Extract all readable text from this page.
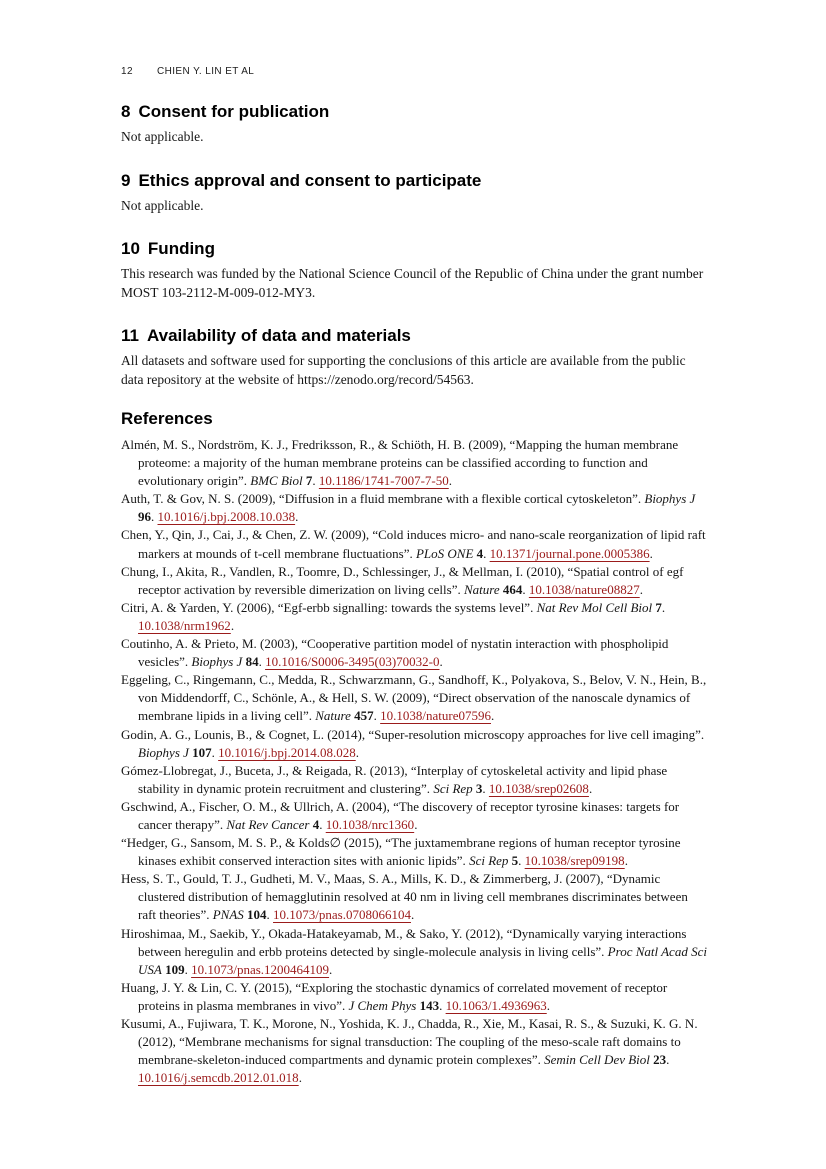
12	CHIEN Y. LIN ET AL
8 Consent for publication

Not applicable.

9 Ethics approval and consent to participate

Not applicable.

10 Funding

This research was funded by the National Science Council of the Republic of China under the grant number MOST 103-2112-M-009-012-MY3.

11 Availability of data and materials

All datasets and software used for supporting the conclusions of this article are available from the public data repository at the website of https://zenodo.org/record/54563.

References
Almén, M. S., Nordström, K. J., Fredriksson, R., & Schiöth, H. B. (2009), “Mapping the human membrane proteome: a majority of the human membrane proteins can be classified according to function and evolutionary origin”. BMC Biol 7. 10.1186/1741-7007-7-50.
Auth, T. & Gov, N. S. (2009), “Diffusion in a fluid membrane with a flexible cortical cytoskeleton”. Biophys J 96. 10.1016/j.bpj.2008.10.038.
Chen, Y., Qin, J., Cai, J., & Chen, Z. W. (2009), “Cold induces micro- and nano-scale reorganization of lipid raft markers at mounds of t-cell membrane fluctuations”. PLoS ONE 4. 10.1371/journal.pone.0005386.
Chung, I., Akita, R., Vandlen, R., Toomre, D., Schlessinger, J., & Mellman, I. (2010), “Spatial control of egf receptor activation by reversible dimerization on living cells”. Nature 464. 10.1038/nature08827.
Citri, A. & Yarden, Y. (2006), “Egf-erbb signalling: towards the systems level”. Nat Rev Mol Cell Biol 7. 10.1038/nrm1962.
Coutinho, A. & Prieto, M. (2003), “Cooperative partition model of nystatin interaction with phospholipid vesicles”. Biophys J 84. 10.1016/S0006-3495(03)70032-0.
Eggeling, C., Ringemann, C., Medda, R., Schwarzmann, G., Sandhoff, K., Polyakova, S., Belov, V. N., Hein, B., von Middendorff, C., Schönle, A., & Hell, S. W. (2009), “Direct observation of the nanoscale dynamics of membrane lipids in a living cell”. Nature 457. 10.1038/nature07596.
Godin, A. G., Lounis, B., & Cognet, L. (2014), “Super-resolution microscopy approaches for live cell imaging”. Biophys J 107. 10.1016/j.bpj.2014.08.028.
Gómez-Llobregat, J., Buceta, J., & Reigada, R. (2013), “Interplay of cytoskeletal activity and lipid phase stability in dynamic protein recruitment and clustering”. Sci Rep 3. 10.1038/srep02608.
Gschwind, A., Fischer, O. M., & Ullrich, A. (2004), “The discovery of receptor tyrosine kinases: targets for cancer therapy”. Nat Rev Cancer 4. 10.1038/nrc1360.
“Hedger, G., Sansom, M. S. P., & Kolds∅ (2015), “The juxtamembrane regions of human receptor tyrosine kinases exhibit conserved interaction sites with anionic lipids”. Sci Rep 5. 10.1038/srep09198.
Hess, S. T., Gould, T. J., Gudheti, M. V., Maas, S. A., Mills, K. D., & Zimmerberg, J. (2007), “Dynamic clustered distribution of hemagglutinin resolved at 40 nm in living cell membranes discriminates between raft theories”. PNAS 104. 10.1073/pnas.0708066104.
Hiroshimaa, M., Saekib, Y., Okada-Hatakeyamab, M., & Sako, Y. (2012), “Dynamically varying interactions between heregulin and erbb proteins detected by single-molecule analysis in living cells”. Proc Natl Acad Sci USA 109. 10.1073/pnas.1200464109.
Huang, J. Y. & Lin, C. Y. (2015), “Exploring the stochastic dynamics of correlated movement of receptor proteins in plasma membranes in vivo”. J Chem Phys 143. 10.1063/1.4936963.
Kusumi, A., Fujiwara, T. K., Morone, N., Yoshida, K. J., Chadda, R., Xie, M., Kasai, R. S., & Suzuki, K. G. N. (2012), “Membrane mechanisms for signal transduction: The coupling of the meso-scale raft domains to membrane-skeleton-induced compartments and dynamic protein complexes”. Semin Cell Dev Biol 23. 10.1016/j.semcdb.2012.01.018.
